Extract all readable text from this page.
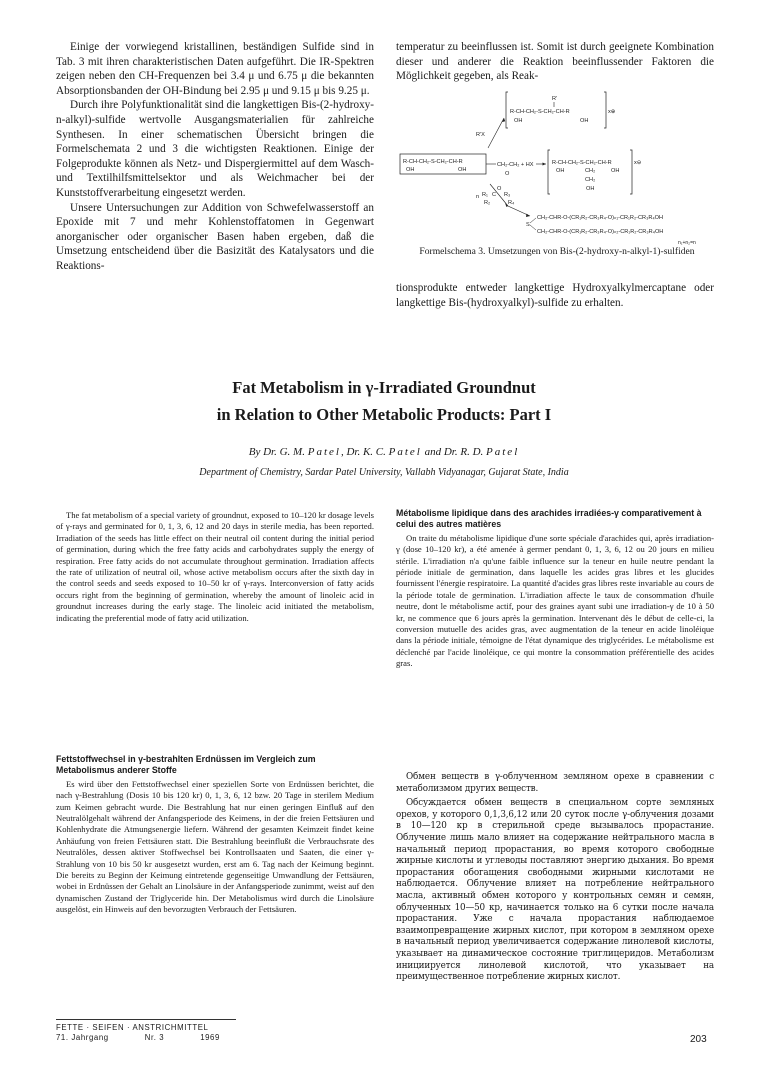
Einige der vorwiegend kristallinen, beständigen Sulfide sind in Tab. 3 mit ihren charakteristischen Daten aufgeführt. Die IR-Spektren zeigen neben den CH-Frequenzen bei 3.4 μ und 6.75 μ die bekannten Absorptionsbanden der OH-Bindung bei 2.95 μ und 9.15 μ bis 9.25 μ.

Durch ihre Polyfunktionalität sind die langkettigen Bis-(2-hydroxy-n-alkyl)-sulfide wertvolle Ausgangsmaterialien für zahlreiche Synthesen. In einer schematischen Übersicht bringen die Formelschemata 2 und 3 die wichtigsten Reaktionen. Einige der Folgeprodukte können als Netz- und Dispergiermittel auf dem Wasch- und Textilhilfsmittelsektor und als Weichmacher bei der Kunststoffverarbeitung eingesetzt werden.

Unsere Untersuchungen zur Addition von Schwefelwasserstoff an Epoxide mit 7 und mehr Kohlenstoffatomen in Gegenwart anorganischer oder organischer Basen haben ergeben, daß die Umsetzung entscheidend über die Basizität des Katalysators und die Reaktions-

temperatur zu beeinflussen ist. Somit ist durch geeignete Kombination dieser und anderer die Reaktion beeinflussender Faktoren die Möglichkeit gegeben, als Reak-

R'
R-CH-CH₂-S-CH₂-CH-R
OH	OH
x⊕
R'X
R-CH-CH₂-S-CH₂-CH-R
OH	OH
CH₂-CH₂ + HX
O
R-CH-CH₂-S-CH₂-CH-R
OH	CH₂	OH
CH₂
OH
x⊖
n R₁ C
O
R₃
R₂	R₄
S
CH₂-CHR-O-(CR₁R₂-CR₃R₄-O)ₙ₁-CR₁R₂-CR₃R₄OH
CH₂-CHR-O-(CR₁R₂-CR₃R₄-O)ₙ₂-CR₁R₂-CR₃R₄OH
n₁+n₂=n
Formelschema 3. Umsetzungen von Bis-(2-hydroxy-n-alkyl-1)-sulfiden

tionsprodukte entweder langkettige Hydroxyalkylmercaptane oder langkettige Bis-(hydroxyalkyl)-sulfide zu erhalten.

Fat Metabolism in γ-Irradiated Groundnut
in Relation to Other Metabolic Products: Part I
By Dr. G. M. Patel, Dr. K. C. Patel and Dr. R. D. Patel
Department of Chemistry, Sardar Patel University, Vallabh Vidyanagar, Gujarat State, India

The fat metabolism of a special variety of groundnut, exposed to 10–120 kr dosage levels of γ-rays and germinated for 0, 1, 3, 6, 12 and 20 days in sterile media, has been reported. Irradiation of the seeds has little effect on their neutral oil content during the initial period of germination, during which the free fatty acids and carbohydrates supply the energy of respiration. Free fatty acids do not accumulate throughout germination. Irradiation affects the rate of utilization of neutral oil, whose active metabolism occurs after the sixth day in the control seeds and seeds exposed to 10–50 kr of γ-rays. Interconversion of fatty acids occurs right from the beginning of germination, whereby the amount of linoleic acid in groundnut increases during the early stage. The linoleic acid initiated the metabolism, indicating the preferential mode of fatty acid utilization.

Fettstoffwechsel in γ-bestrahlten Erdnüssen im Vergleich zum Metabolismus anderer Stoffe

Es wird über den Fettstoffwechsel einer speziellen Sorte von Erdnüssen berichtet, die nach γ-Bestrahlung (Dosis 10 bis 120 kr) 0, 1, 3, 6, 12 bzw. 20 Tage in sterilem Medium zum Keimen gebracht wurde. Die Bestrahlung hat nur einen geringen Einfluß auf den Neutralölgehalt während der Anfangsperiode des Keimens, in der die freien Fettsäuren und Kohlenhydrate die Atmungsenergie liefern. Während der gesamten Keimzeit findet keine Anhäufung von freien Fettsäuren statt. Die Bestrahlung beeinflußt die Verbrauchsrate des Neutralöles, dessen aktiver Stoffwechsel bei Kontrollsaaten und Saaten, die einer γ-Strahlung von 10 bis 50 kr ausgesetzt wurden, erst am 6. Tag nach der Keimung beginnt. Die bereits zu Beginn der Keimung eintretende gegenseitige Umwandlung der Fettsäuren, wobei in Erdnüssen der Gehalt an Linolsäure in der Anfangsperiode zunimmt, weist auf den dynamischen Zustand der Triglyceride hin. Der Metabolismus wird durch die Linolsäure ausgelöst, ein Hinweis auf den bevorzugten Verbrauch der Fettsäuren.

Métabolisme lipidique dans des arachides irradiées-γ comparativement à celui des autres matières

On traite du métabolisme lipidique d'une sorte spéciale d'arachides qui, après irradiation-γ (dose 10–120 kr), a été amenée à germer pendant 0, 1, 3, 6, 12 ou 20 jours en milieu stérile. L'irradiation n'a qu'une faible influence sur la teneur en huile neutre pendant la période initiale de germination, dans laquelle les acides gras libres et les glucides fournissent l'énergie respiratoire. La quantité d'acides gras libres reste invariable au cours de la période totale de germination. L'irradiation affecte le taux de consommation d'huile neutre, dont le métabolisme actif, pour des graines ayant subi une irradiation-γ de 10 à 50 kr, ne commence que 6 jours après la germination. Intervenant dès le début de celle-ci, la conversion mutuelle des acides gras, avec augmentation de la teneur en acide linoléique dans la période initiale, témoigne de l'état dynamique des triglycérides. Le métabolisme est déclenché par l'acide linoléique, ce qui montre la consommation préférentielle des acides gras.

Обмен веществ в γ-облученном земляном орехе в сравнении с метаболизмом других веществ.

Обсуждается обмен веществ в специальном сорте земляных орехов, у которого 0,1,3,6,12 или 20 суток после γ-облучения дозами в 10—120 кр в стерильной среде вызывалось прорастание. Облучение лишь мало влияет на содержание нейтрального масла в начальный период прорастания, во время которого свободные жирные кислоты и углеводы поставляют энергию дыхания. Во время прорастания обогащения свободными жирными кислотами не наблюдается. Облучение влияет на потребление нейтрального масла, активный обмен которого у контрольных семян и семян, облученных 10—50 кр, начинается только на 6 сутки после начала прорастания. Уже с начала прорастания наблюдаемое взаимопревращение жирных кислот, при котором в земляном орехе в начальный период увеличивается содержание линолевой кислоты, указывает на динамическое состояние триглицеридов. Метаболизм инициируется линолевой кислотой, что указывает на преимущественное потребление жирных кислот.

FETTE · SEIFEN · ANSTRICHMITTEL
71. Jahrgang	Nr. 3	1969	203
